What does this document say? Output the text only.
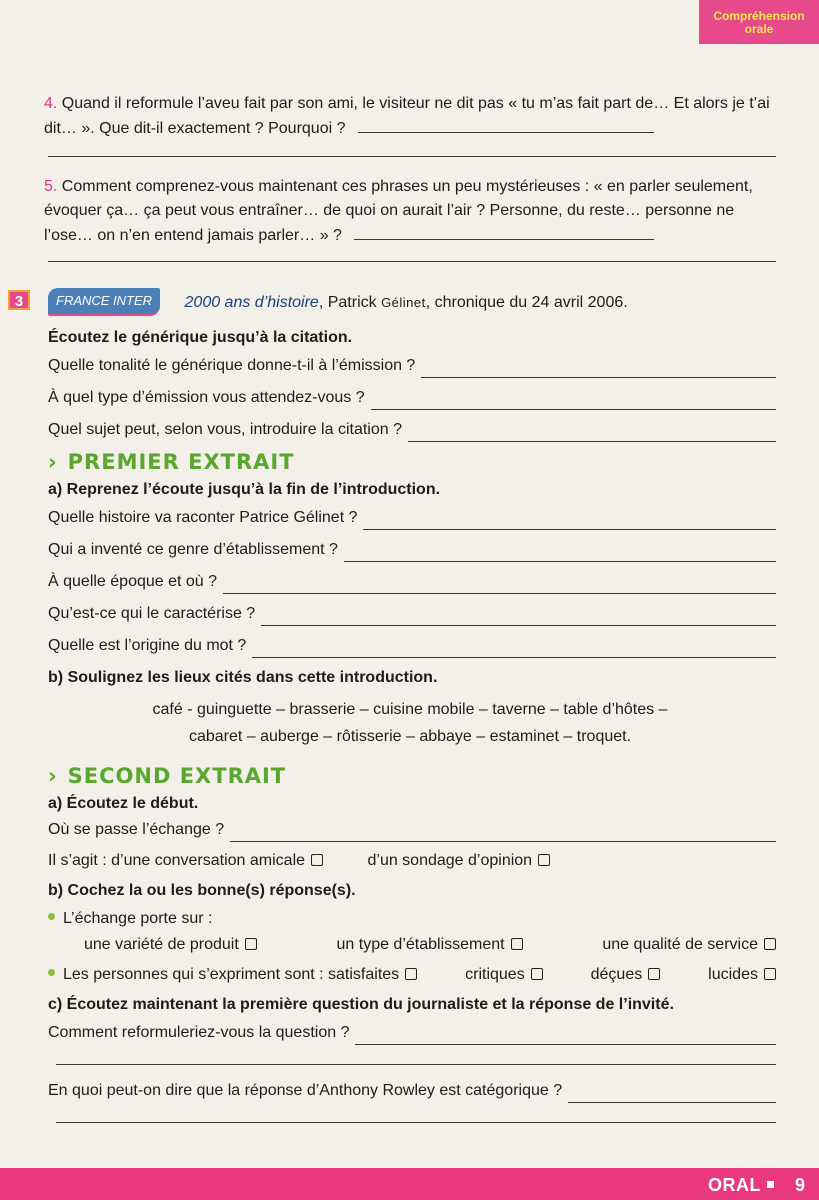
Compréhension
orale
4. Quand il reformule l’aveu fait par son ami, le visiteur ne dit pas « tu m’as fait part de… Et alors je t’ai dit… ». Que dit-il exactement ? Pourquoi ?
5. Comment comprenez-vous maintenant ces phrases un peu mystérieuses : « en parler seulement, évoquer ça… ça peut vous entraîner… de quoi on aurait l’air ? Personne, du reste… personne ne l’ose… on n’en entend jamais parler… » ?
3	FRANCE INTER 2000 ans d’histoire, Patrick Gélinet, chronique du 24 avril 2006.
Écoutez le générique jusqu’à la citation.
Quelle tonalité le générique donne-t-il à l’émission ?
À quel type d’émission vous attendez-vous ?
Quel sujet peut, selon vous, introduire la citation ?
› PREMIER EXTRAIT
a) Reprenez l’écoute jusqu’à la fin de l’introduction.
Quelle histoire va raconter Patrice Gélinet ?
Qui a inventé ce genre d’établissement ?
À quelle époque et où ?
Qu’est-ce qui le caractérise ?
Quelle est l’origine du mot ?
b) Soulignez les lieux cités dans cette introduction.
café - guinguette – brasserie – cuisine mobile – taverne – table d’hôtes –
cabaret – auberge – rôtisserie – abbaye – estaminet – troquet.
› SECOND EXTRAIT
a) Écoutez le début.
Où se passe l’échange ?
Il s’agit : d’une conversation amicale	d’un sondage d’opinion
b) Cochez la ou les bonne(s) réponse(s).
L’échange porte sur :
une variété de produit	un type d’établissement	une qualité de service
Les personnes qui s’expriment sont : satisfaites	critiques	déçues	lucides
c) Écoutez maintenant la première question du journaliste et la réponse de l’invité.
Comment reformuleriez-vous la question ?
En quoi peut-on dire que la réponse d’Anthony Rowley est catégorique ?
ORAL	9
